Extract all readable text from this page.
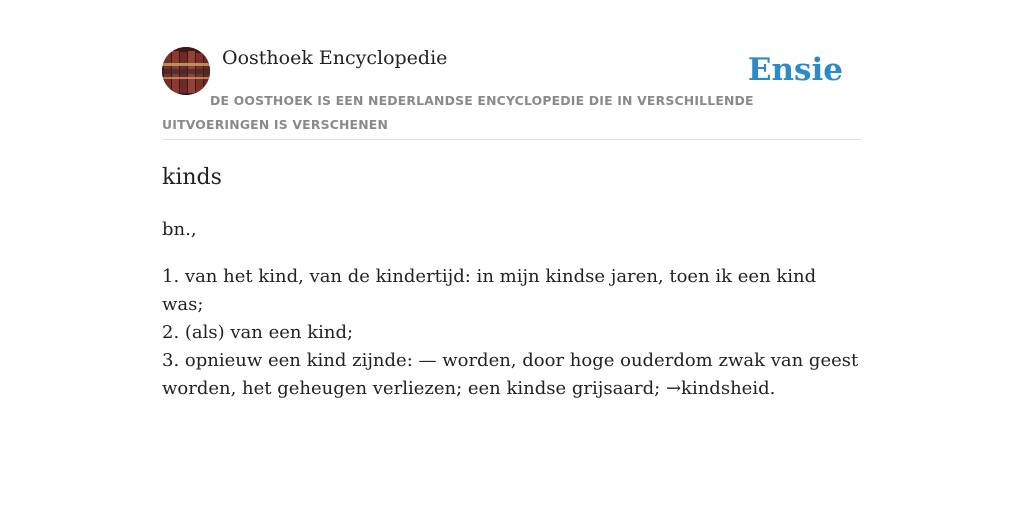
Oosthoek Encyclopedie	Ensie
DE OOSTHOEK IS EEN NEDERLANDSE ENCYCLOPEDIE DIE IN VERSCHILLENDE UITVOERINGEN IS VERSCHENEN
kinds
bn.,
1. van het kind, van de kindertijd: in mijn kindse jaren, toen ik een kind was;
2. (als) van een kind;
3. opnieuw een kind zijnde: — worden, door hoge ouderdom zwak van geest worden, het geheugen verliezen; een kindse grijsaard; →kindsheid.
